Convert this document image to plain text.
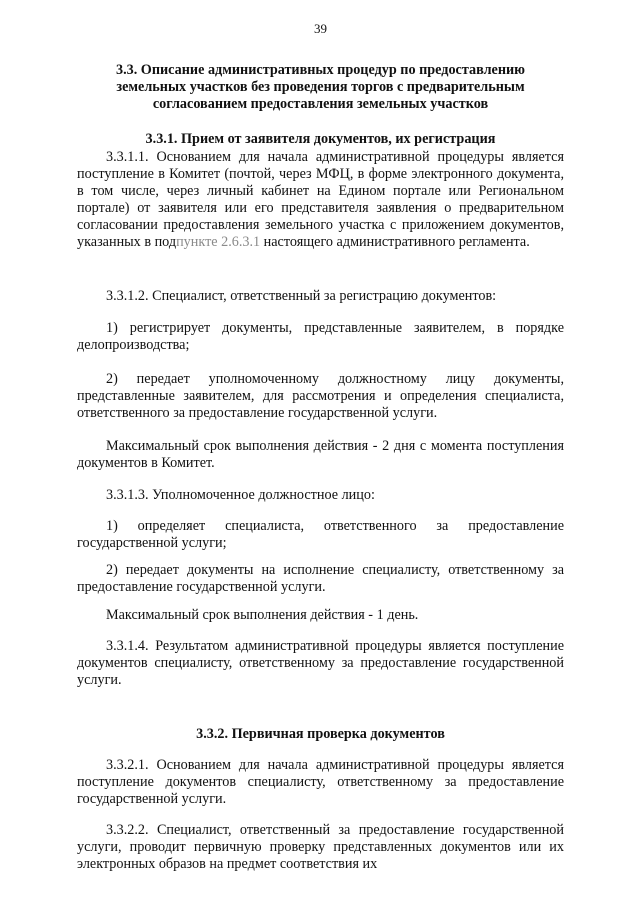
39
3.3. Описание административных процедур по предоставлению
земельных участков без проведения торгов с предварительным
согласованием предоставления земельных участков
3.3.1. Прием от заявителя документов, их регистрация

3.3.1.1. Основанием для начала административной процедуры является поступление в Комитет (почтой, через МФЦ, в форме электронного документа, в том числе, через личный кабинет на Едином портале или Региональном портале) от заявителя или его представителя заявления о предварительном согласовании предоставления земельного участка с приложением документов, указанных в подпункте 2.6.3.1 настоящего административного регламента.

3.3.1.2. Специалист, ответственный за регистрацию документов:

1) регистрирует документы, представленные заявителем, в порядке делопроизводства;

2) передает уполномоченному должностному лицу документы, представленные заявителем, для рассмотрения и определения специалиста, ответственного за предоставление государственной услуги.

Максимальный срок выполнения действия - 2 дня с момента поступления документов в Комитет.

3.3.1.3. Уполномоченное должностное лицо:

1) определяет специалиста, ответственного за предоставление государственной услуги;

2) передает документы на исполнение специалисту, ответственному за предоставление государственной услуги.

Максимальный срок выполнения действия - 1 день.

3.3.1.4. Результатом административной процедуры является поступление документов специалисту, ответственному за предоставление государственной услуги.

3.3.2. Первичная проверка документов

3.3.2.1. Основанием для начала административной процедуры является поступление документов специалисту, ответственному за предоставление государственной услуги.

3.3.2.2. Специалист, ответственный за предоставление государственной услуги, проводит первичную проверку представленных документов или их электронных образов на предмет соответствия их
